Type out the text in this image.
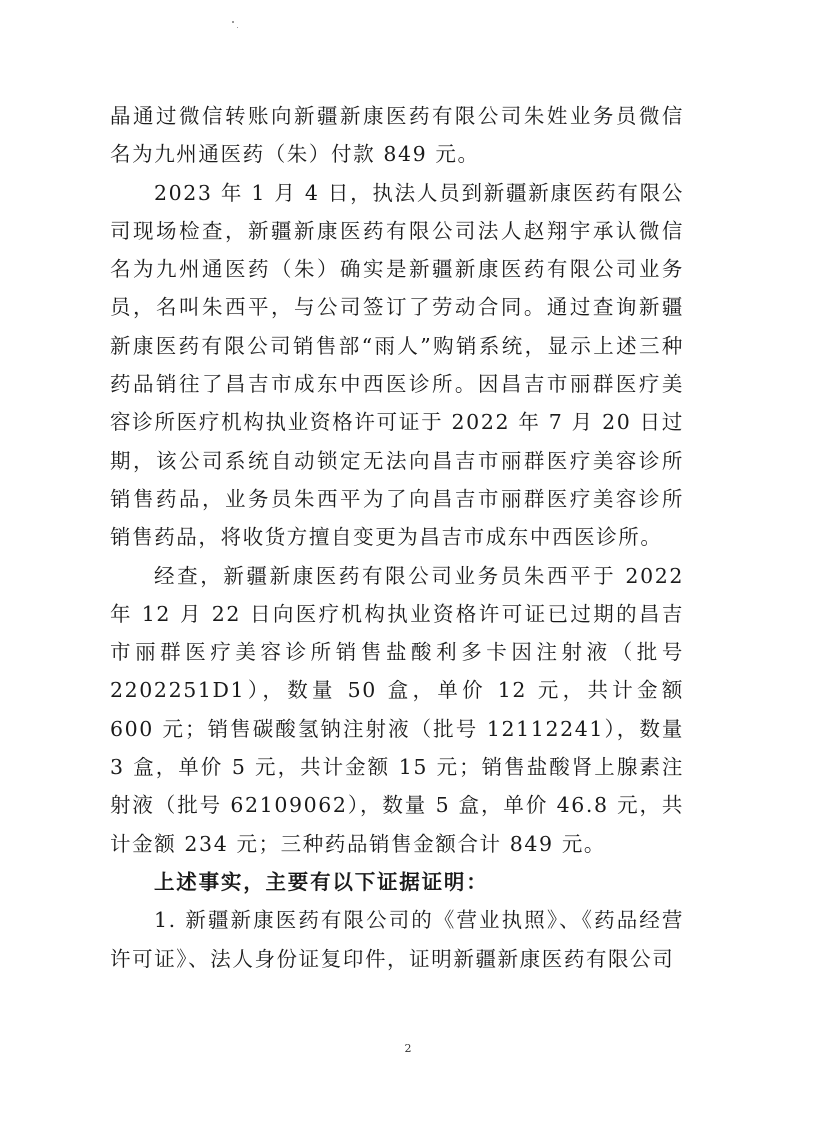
晶通过微信转账向新疆新康医药有限公司朱姓业务员微信名为九州通医药（朱）付款 849 元。

2023 年 1 月 4 日，执法人员到新疆新康医药有限公司现场检查，新疆新康医药有限公司法人赵翔宇承认微信名为九州通医药（朱）确实是新疆新康医药有限公司业务员，名叫朱西平，与公司签订了劳动合同。通过查询新疆新康医药有限公司销售部“雨人”购销系统，显示上述三种药品销往了昌吉市成东中西医诊所。因昌吉市丽群医疗美容诊所医疗机构执业资格许可证于 2022 年 7 月 20 日过期，该公司系统自动锁定无法向昌吉市丽群医疗美容诊所销售药品，业务员朱西平为了向昌吉市丽群医疗美容诊所销售药品，将收货方擅自变更为昌吉市成东中西医诊所。

经查，新疆新康医药有限公司业务员朱西平于 2022 年 12 月 22 日向医疗机构执业资格许可证已过期的昌吉市丽群医疗美容诊所销售盐酸利多卡因注射液（批号 2202251D1），数量 50 盒，单价 12 元，共计金额 600 元；销售碳酸氢钠注射液（批号 12112241），数量 3 盒，单价 5 元，共计金额 15 元；销售盐酸肾上腺素注射液（批号 62109062），数量 5 盒，单价 46.8 元，共计金额 234 元；三种药品销售金额合计 849 元。

上述事实，主要有以下证据证明：

1. 新疆新康医药有限公司的《营业执照》、《药品经营许可证》、法人身份证复印件，证明新疆新康医药有限公司

2
